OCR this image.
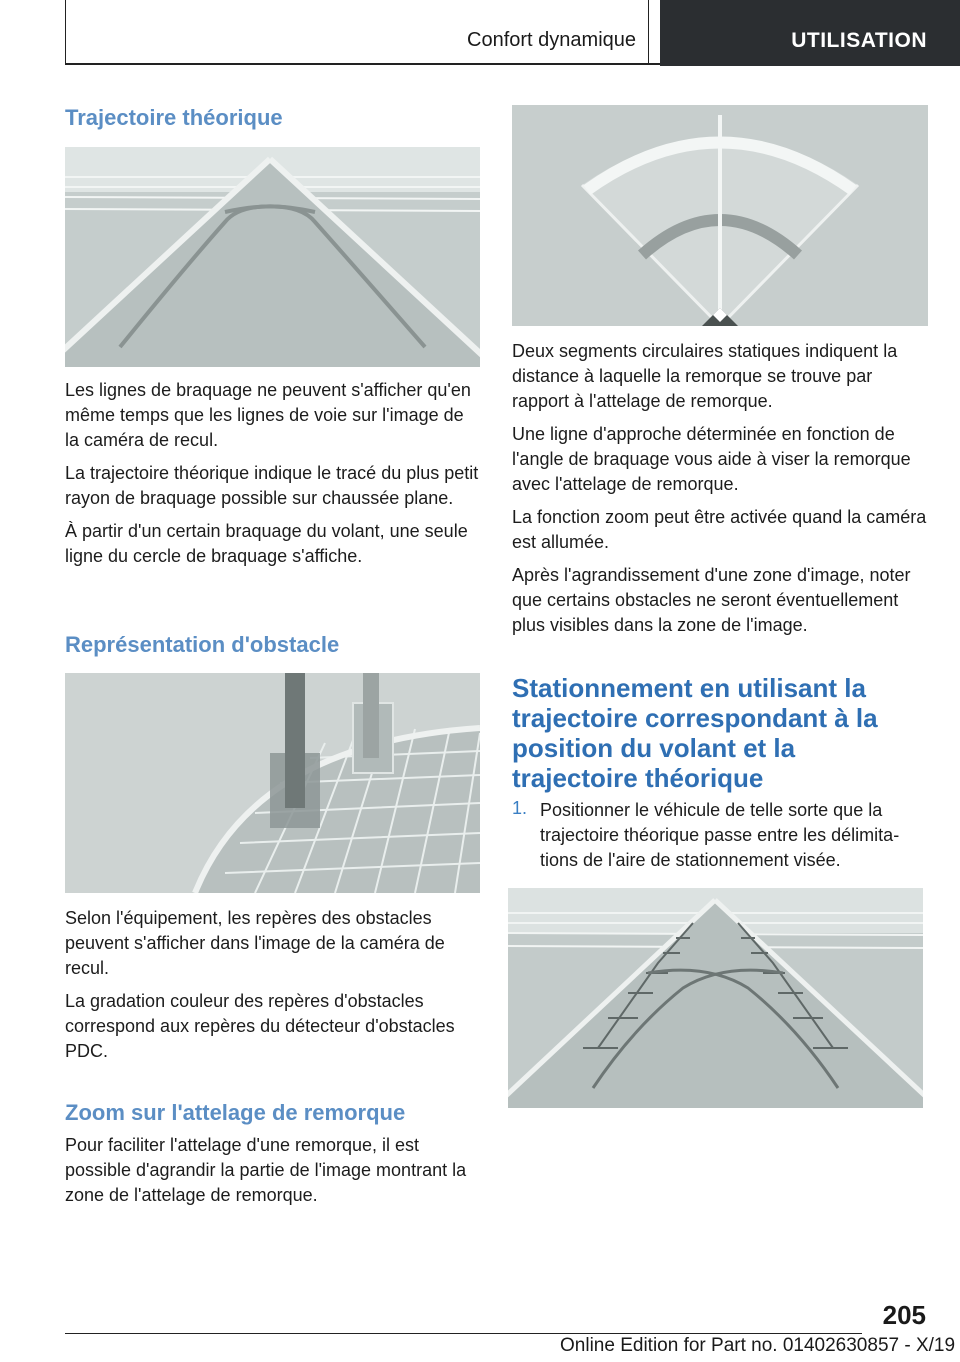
Confort dynamique	UTILISATION
Trajectoire théorique

Les lignes de braquage ne peuvent s'afficher qu'en même temps que les lignes de voie sur l'image de la caméra de recul.

La trajectoire théorique indique le tracé du plus petit rayon de braquage possible sur chaussée plane.

À partir d'un certain braquage du volant, une seule ligne du cercle de braquage s'affiche.

Représentation d'obstacle

Selon l'équipement, les repères des obstacles peuvent s'afficher dans l'image de la caméra de recul.

La gradation couleur des repères d'obstacles correspond aux repères du détecteur d'obstacles PDC.

Zoom sur l'attelage de remorque

Pour faciliter l'attelage d'une remorque, il est possible d'agrandir la partie de l'image montrant la zone de l'attelage de remorque.

Deux segments circulaires statiques indiquent la distance à laquelle la remorque se trouve par rapport à l'attelage de remorque.

Une ligne d'approche déterminée en fonction de l'angle de braquage vous aide à viser la remorque avec l'attelage de remorque.

La fonction zoom peut être activée quand la caméra est allumée.

Après l'agrandissement d'une zone d'image, noter que certains obstacles ne seront éventuellement plus visibles dans la zone de l'image.

Stationnement en utilisant la trajectoire correspondant à la position du volant et la trajectoire théorique
1. Positionner le véhicule de telle sorte que la trajectoire théorique passe entre les délimitations de l'aire de stationnement visée.

205
Online Edition for Part no. 01402630857 - X/19
